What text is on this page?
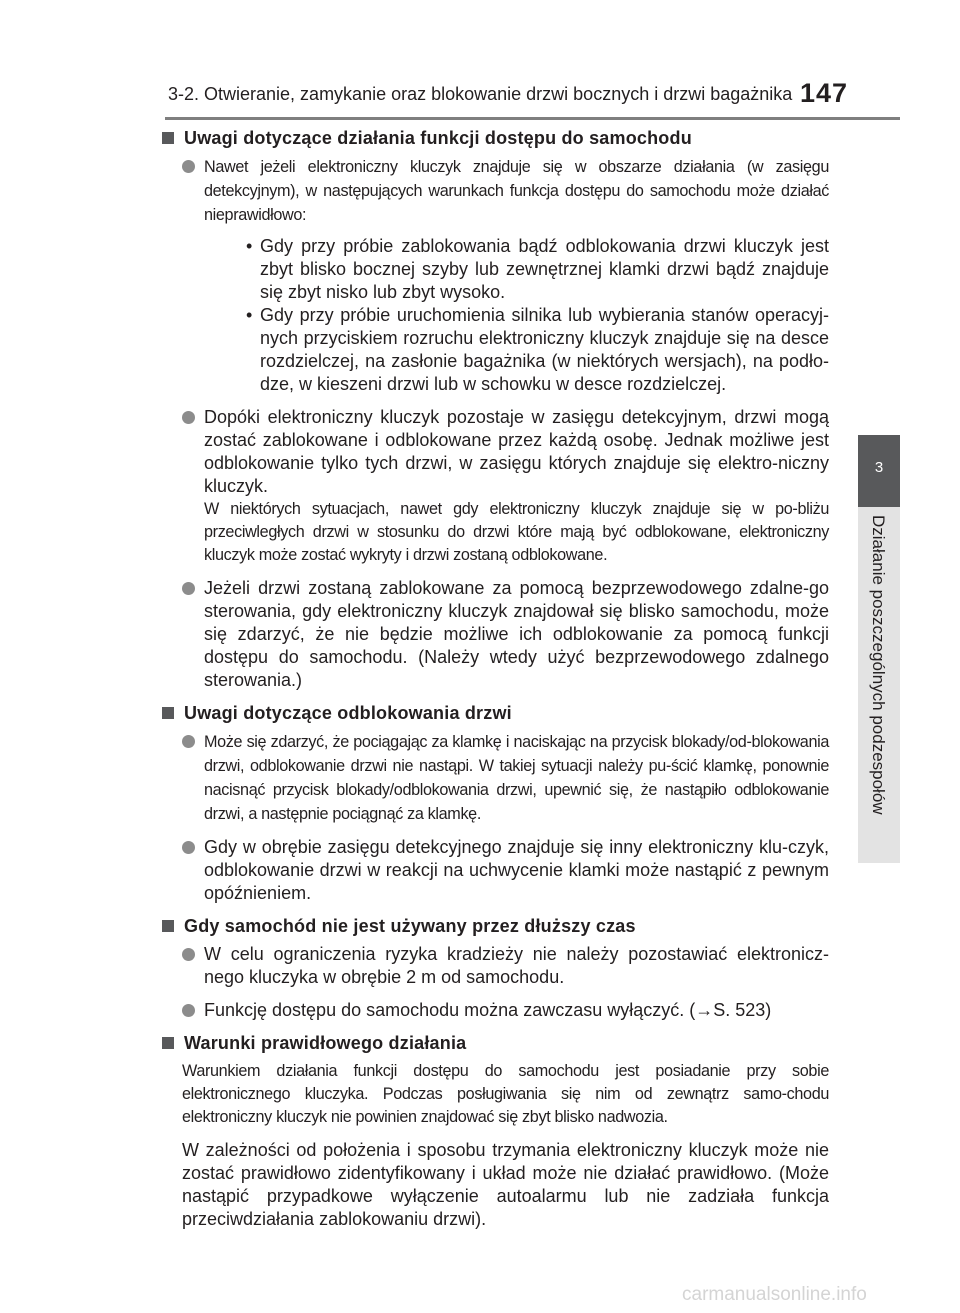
3-2. Otwieranie, zamykanie oraz blokowanie drzwi bocznych i drzwi bagażnika 147
3
Działanie poszczególnych podzespołów
Uwagi dotyczące działania funkcji dostępu do samochodu
Nawet jeżeli elektroniczny kluczyk znajduje się w obszarze działania (w zasięgu detekcyjnym), w następujących warunkach funkcja dostępu do samochodu może działać nieprawidłowo:
• Gdy przy próbie zablokowania bądź odblokowania drzwi kluczyk jest zbyt blisko bocznej szyby lub zewnętrznej klamki drzwi bądź znajduje się zbyt nisko lub zbyt wysoko.
• Gdy przy próbie uruchomienia silnika lub wybierania stanów operacyj-nych przyciskiem rozruchu elektroniczny kluczyk znajduje się na desce rozdzielczej, na zasłonie bagażnika (w niektórych wersjach), na podło-dze, w kieszeni drzwi lub w schowku w desce rozdzielczej.
Dopóki elektroniczny kluczyk pozostaje w zasięgu detekcyjnym, drzwi mogą zostać zablokowane i odblokowane przez każdą osobę. Jednak możliwe jest odblokowanie tylko tych drzwi, w zasięgu których znajduje się elektro-niczny kluczyk.
W niektórych sytuacjach, nawet gdy elektroniczny kluczyk znajduje się w po-bliżu przeciwległych drzwi w stosunku do drzwi które mają być odblokowane, elektroniczny kluczyk może zostać wykryty i drzwi zostaną odblokowane.
Jeżeli drzwi zostaną zablokowane za pomocą bezprzewodowego zdalne-go sterowania, gdy elektroniczny kluczyk znajdował się blisko samochodu, może się zdarzyć, że nie będzie możliwe ich odblokowanie za pomocą funkcji dostępu do samochodu. (Należy wtedy użyć bezprzewodowego zdalnego sterowania.)
Uwagi dotyczące odblokowania drzwi
Może się zdarzyć, że pociągając za klamkę i naciskając na przycisk blokady/od-blokowania drzwi, odblokowanie drzwi nie nastąpi. W takiej sytuacji należy pu-ścić klamkę, ponownie nacisnąć przycisk blokady/odblokowania drzwi, upewnić się, że nastąpiło odblokowanie drzwi, a następnie pociągnąć za klamkę.
Gdy w obrębie zasięgu detekcyjnego znajduje się inny elektroniczny klu-czyk, odblokowanie drzwi w reakcji na uchwycenie klamki może nastąpić z pewnym opóźnieniem.
Gdy samochód nie jest używany przez dłuższy czas
W celu ograniczenia ryzyka kradzieży nie należy pozostawiać elektronicz-nego kluczyka w obrębie 2 m od samochodu.
Funkcję dostępu do samochodu można zawczasu wyłączyć. (→S. 523)
Warunki prawidłowego działania
Warunkiem działania funkcji dostępu do samochodu jest posiadanie przy sobie elektronicznego kluczyka. Podczas posługiwania się nim od zewnątrz samo-chodu elektroniczny kluczyk nie powinien znajdować się zbyt blisko nadwozia.
W zależności od położenia i sposobu trzymania elektroniczny kluczyk może nie zostać prawidłowo zidentyfikowany i układ może nie działać prawidłowo. (Może nastąpić przypadkowe wyłączenie autoalarmu lub nie zadziała funkcja przeciwdziałania zablokowaniu drzwi).
carmanualsonline.info
